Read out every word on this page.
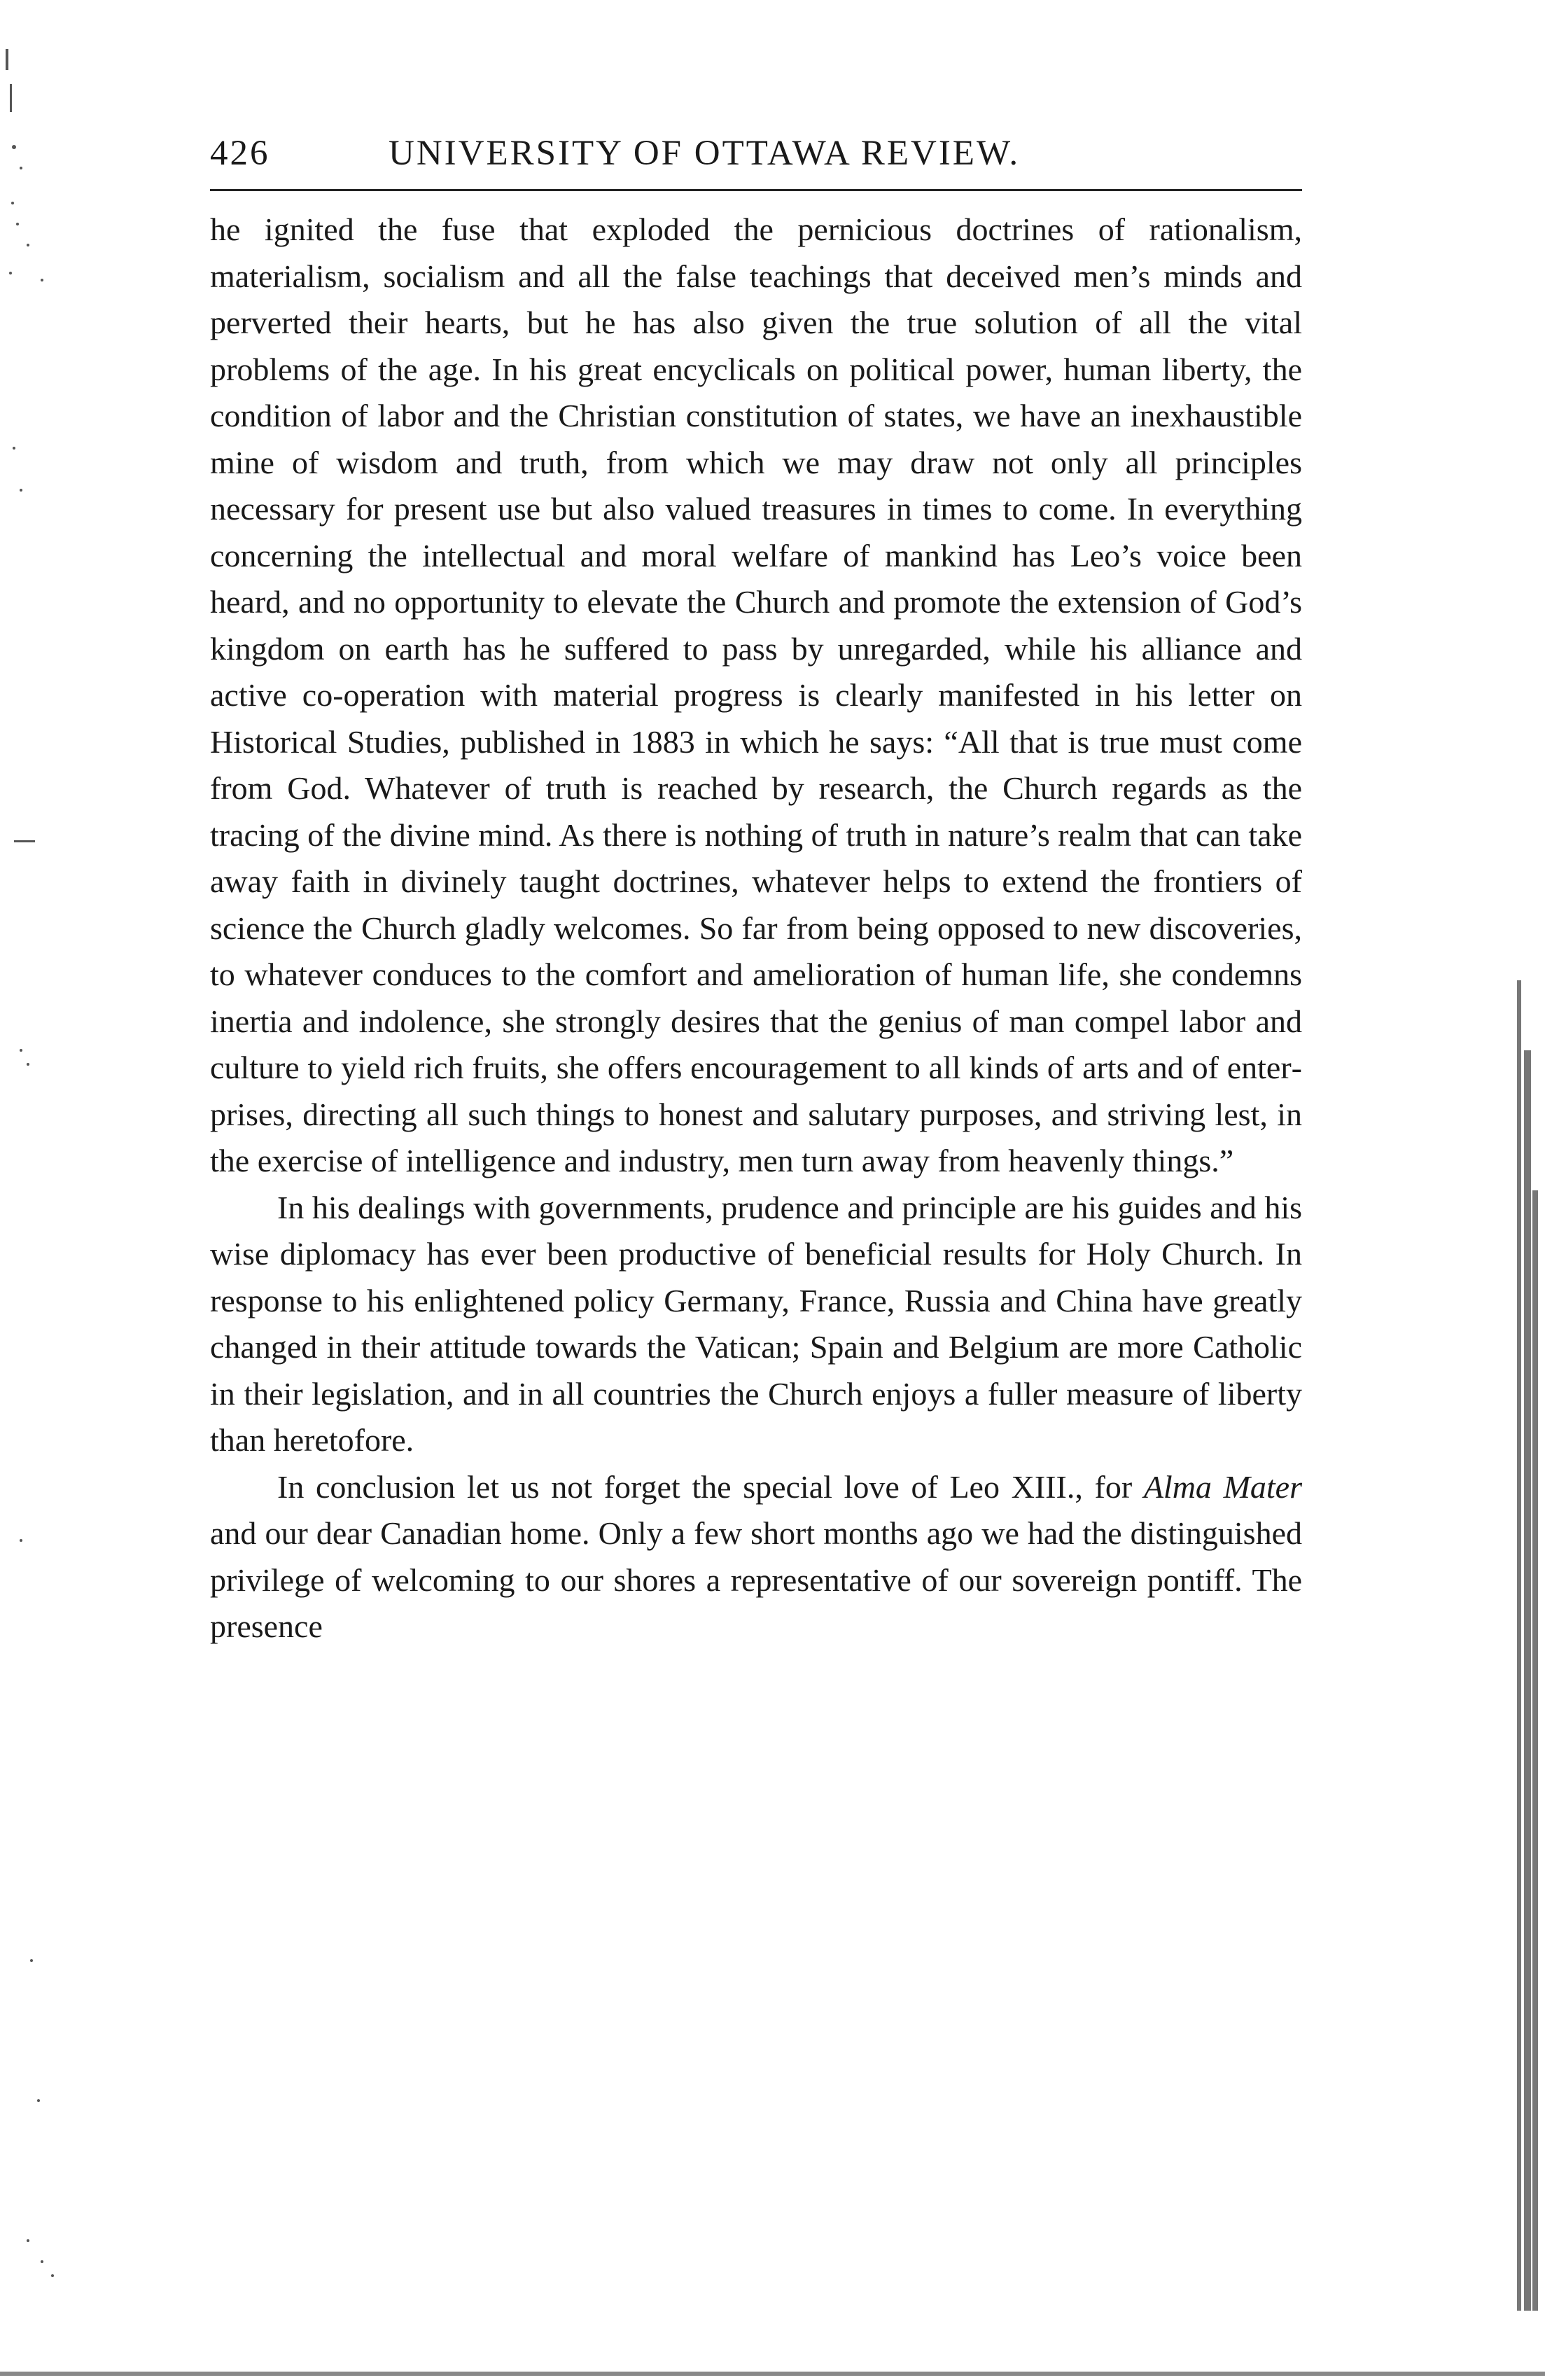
426	UNIVERSITY OF OTTAWA REVIEW.

he ignited the fuse that exploded the pernicious doctrines of rationalism, materialism, socialism and all the false teachings that deceived men’s minds and perverted their hearts, but he has also given the true solution of all the vital problems of the age. In his great encyclicals on political power, human liberty, the condition of labor and the Christian constitution of states, we have an inexhaustible mine of wisdom and truth, from which we may draw not only all principles necessary for present use but also valued treasures in times to come. In everything concerning the intellectual and moral welfare of mankind has Leo’s voice been heard, and no opportunity to elevate the Church and promote the extension of God’s kingdom on earth has he suffered to pass by unregarded, while his alliance and active co-operation with material progress is clearly manifested in his letter on Historical Studies, published in 1883 in which he says: “All that is true must come from God. Whatever of truth is reached by research, the Church regards as the tracing of the divine mind. As there is nothing of truth in nature’s realm that can take away faith in divinely taught doctrines, whatever helps to extend the frontiers of science the Church gladly welcomes. So far from being opposed to new discoveries, to whatever conduces to the comfort and amelioration of human life, she condemns inertia and indolence, she strongly desires that the genius of man compel labor and culture to yield rich fruits, she offers encouragement to all kinds of arts and of enterprises, directing all such things to honest and salutary purposes, and striving lest, in the exercise of intelligence and industry, men turn away from heavenly things.”

In his dealings with governments, prudence and principle are his guides and his wise diplomacy has ever been productive of beneficial results for Holy Church. In response to his enlightened policy Germany, France, Russia and China have greatly changed in their attitude towards the Vatican; Spain and Belgium are more Catholic in their legislation, and in all countries the Church enjoys a fuller measure of liberty than heretofore.

In conclusion let us not forget the special love of Leo XIII., for Alma Mater and our dear Canadian home. Only a few short months ago we had the distinguished privilege of welcoming to our shores a representative of our sovereign pontiff. The presence
